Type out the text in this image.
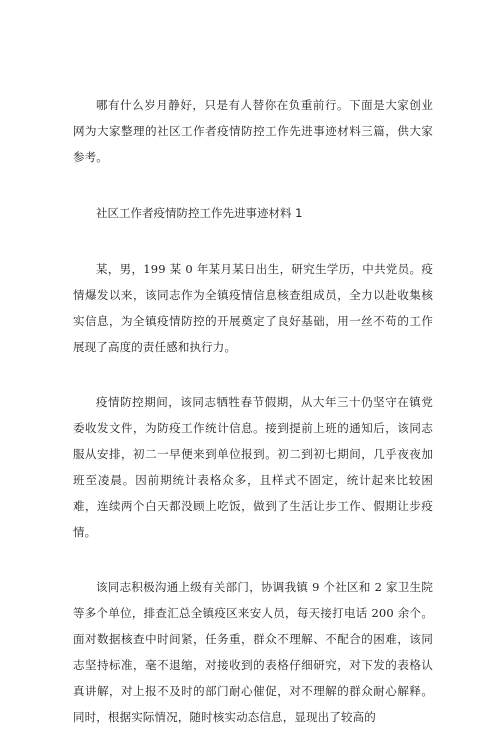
哪有什么岁月静好，只是有人替你在负重前行。下面是大家创业网为大家整理的社区工作者疫情防控工作先进事迹材料三篇，供大家参考。

社区工作者疫情防控工作先进事迹材料 1

某，男，199 某 0 年某月某日出生，研究生学历，中共党员。疫情爆发以来，该同志作为全镇疫情信息核查组成员，全力以赴收集核实信息，为全镇疫情防控的开展奠定了良好基础，用一丝不苟的工作展现了高度的责任感和执行力。

疫情防控期间，该同志牺牲春节假期，从大年三十仍坚守在镇党委收发文件，为防疫工作统计信息。接到提前上班的通知后，该同志服从安排，初二一早便来到单位报到。初二到初七期间，几乎夜夜加班至凌晨。因前期统计表格众多，且样式不固定，统计起来比较困难，连续两个白天都没顾上吃饭，做到了生活让步工作、假期让步疫情。

该同志积极沟通上级有关部门，协调我镇 9 个社区和 2 家卫生院等多个单位，排查汇总全镇疫区来安人员，每天接打电话 200 余个。面对数据核查中时间紧，任务重，群众不理解、不配合的困难，该同志坚持标准，毫不退缩，对接收到的表格仔细研究，对下发的表格认真讲解，对上报不及时的部门耐心催促，对不理解的群众耐心解释。同时，根据实际情况，随时核实动态信息，显现出了较高的
